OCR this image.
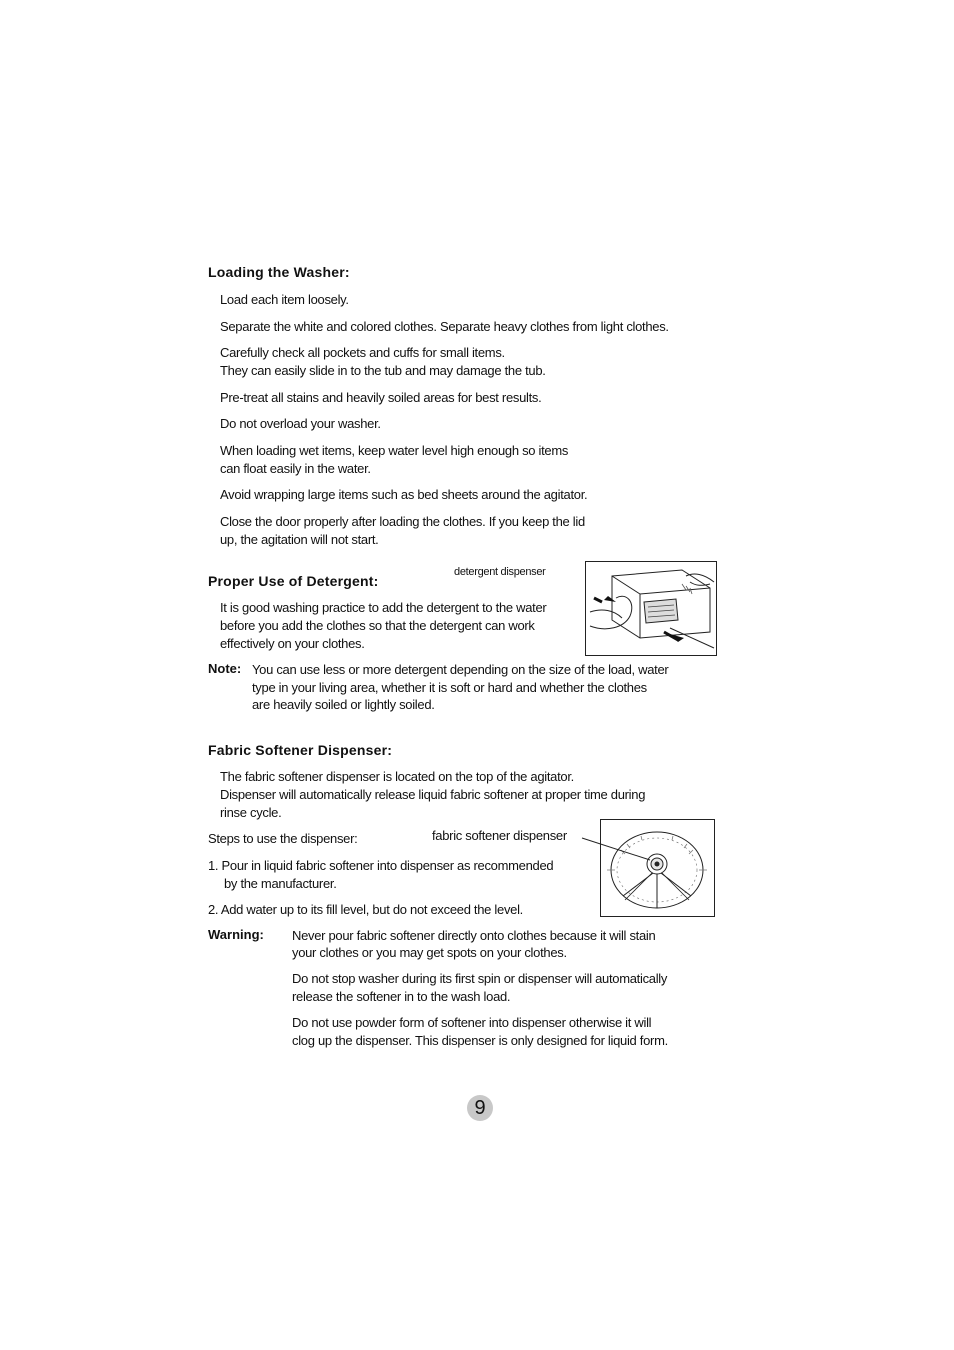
Loading the Washer:
Load each item loosely.
Separate the white and colored clothes. Separate heavy clothes from light clothes.
Carefully check all pockets and cuffs for small items.
They can easily slide in to the tub and may damage the tub.
Pre-treat all stains and heavily soiled areas for best results.
Do not overload your washer.
When loading wet items, keep water level high enough so items
can float easily in the water.
Avoid wrapping large items such as bed sheets around the agitator.
Close the door properly after loading the clothes. If you keep the lid
up, the agitation will not start.
Proper Use of Detergent:
detergent dispenser
It is good washing practice to add the detergent to the water
before you add the clothes so that the detergent can work
effectively on your clothes.
Note: You can use less or more detergent depending on the size of the load, water
type in your living area, whether it is soft or hard and whether the clothes
are heavily soiled or lightly soiled.
Fabric Softener Dispenser:
The fabric softener dispenser is located on the top of the agitator.
Dispenser will automatically release liquid fabric softener at proper time during
rinse cycle.
Steps to use the dispenser:	fabric softener dispenser
1. Pour in liquid fabric softener into dispenser as recommended
by the manufacturer.
2. Add water up to its fill level, but do not exceed the level.
Warning: Never pour fabric softener directly onto clothes because it will stain
your clothes or you may get spots on your clothes.
Do not stop washer during its first spin or dispenser will automatically
release the softener in to the wash load.
Do not use powder form of softener into dispenser otherwise it will
clog up the dispenser. This dispenser is only designed for liquid form.
9
